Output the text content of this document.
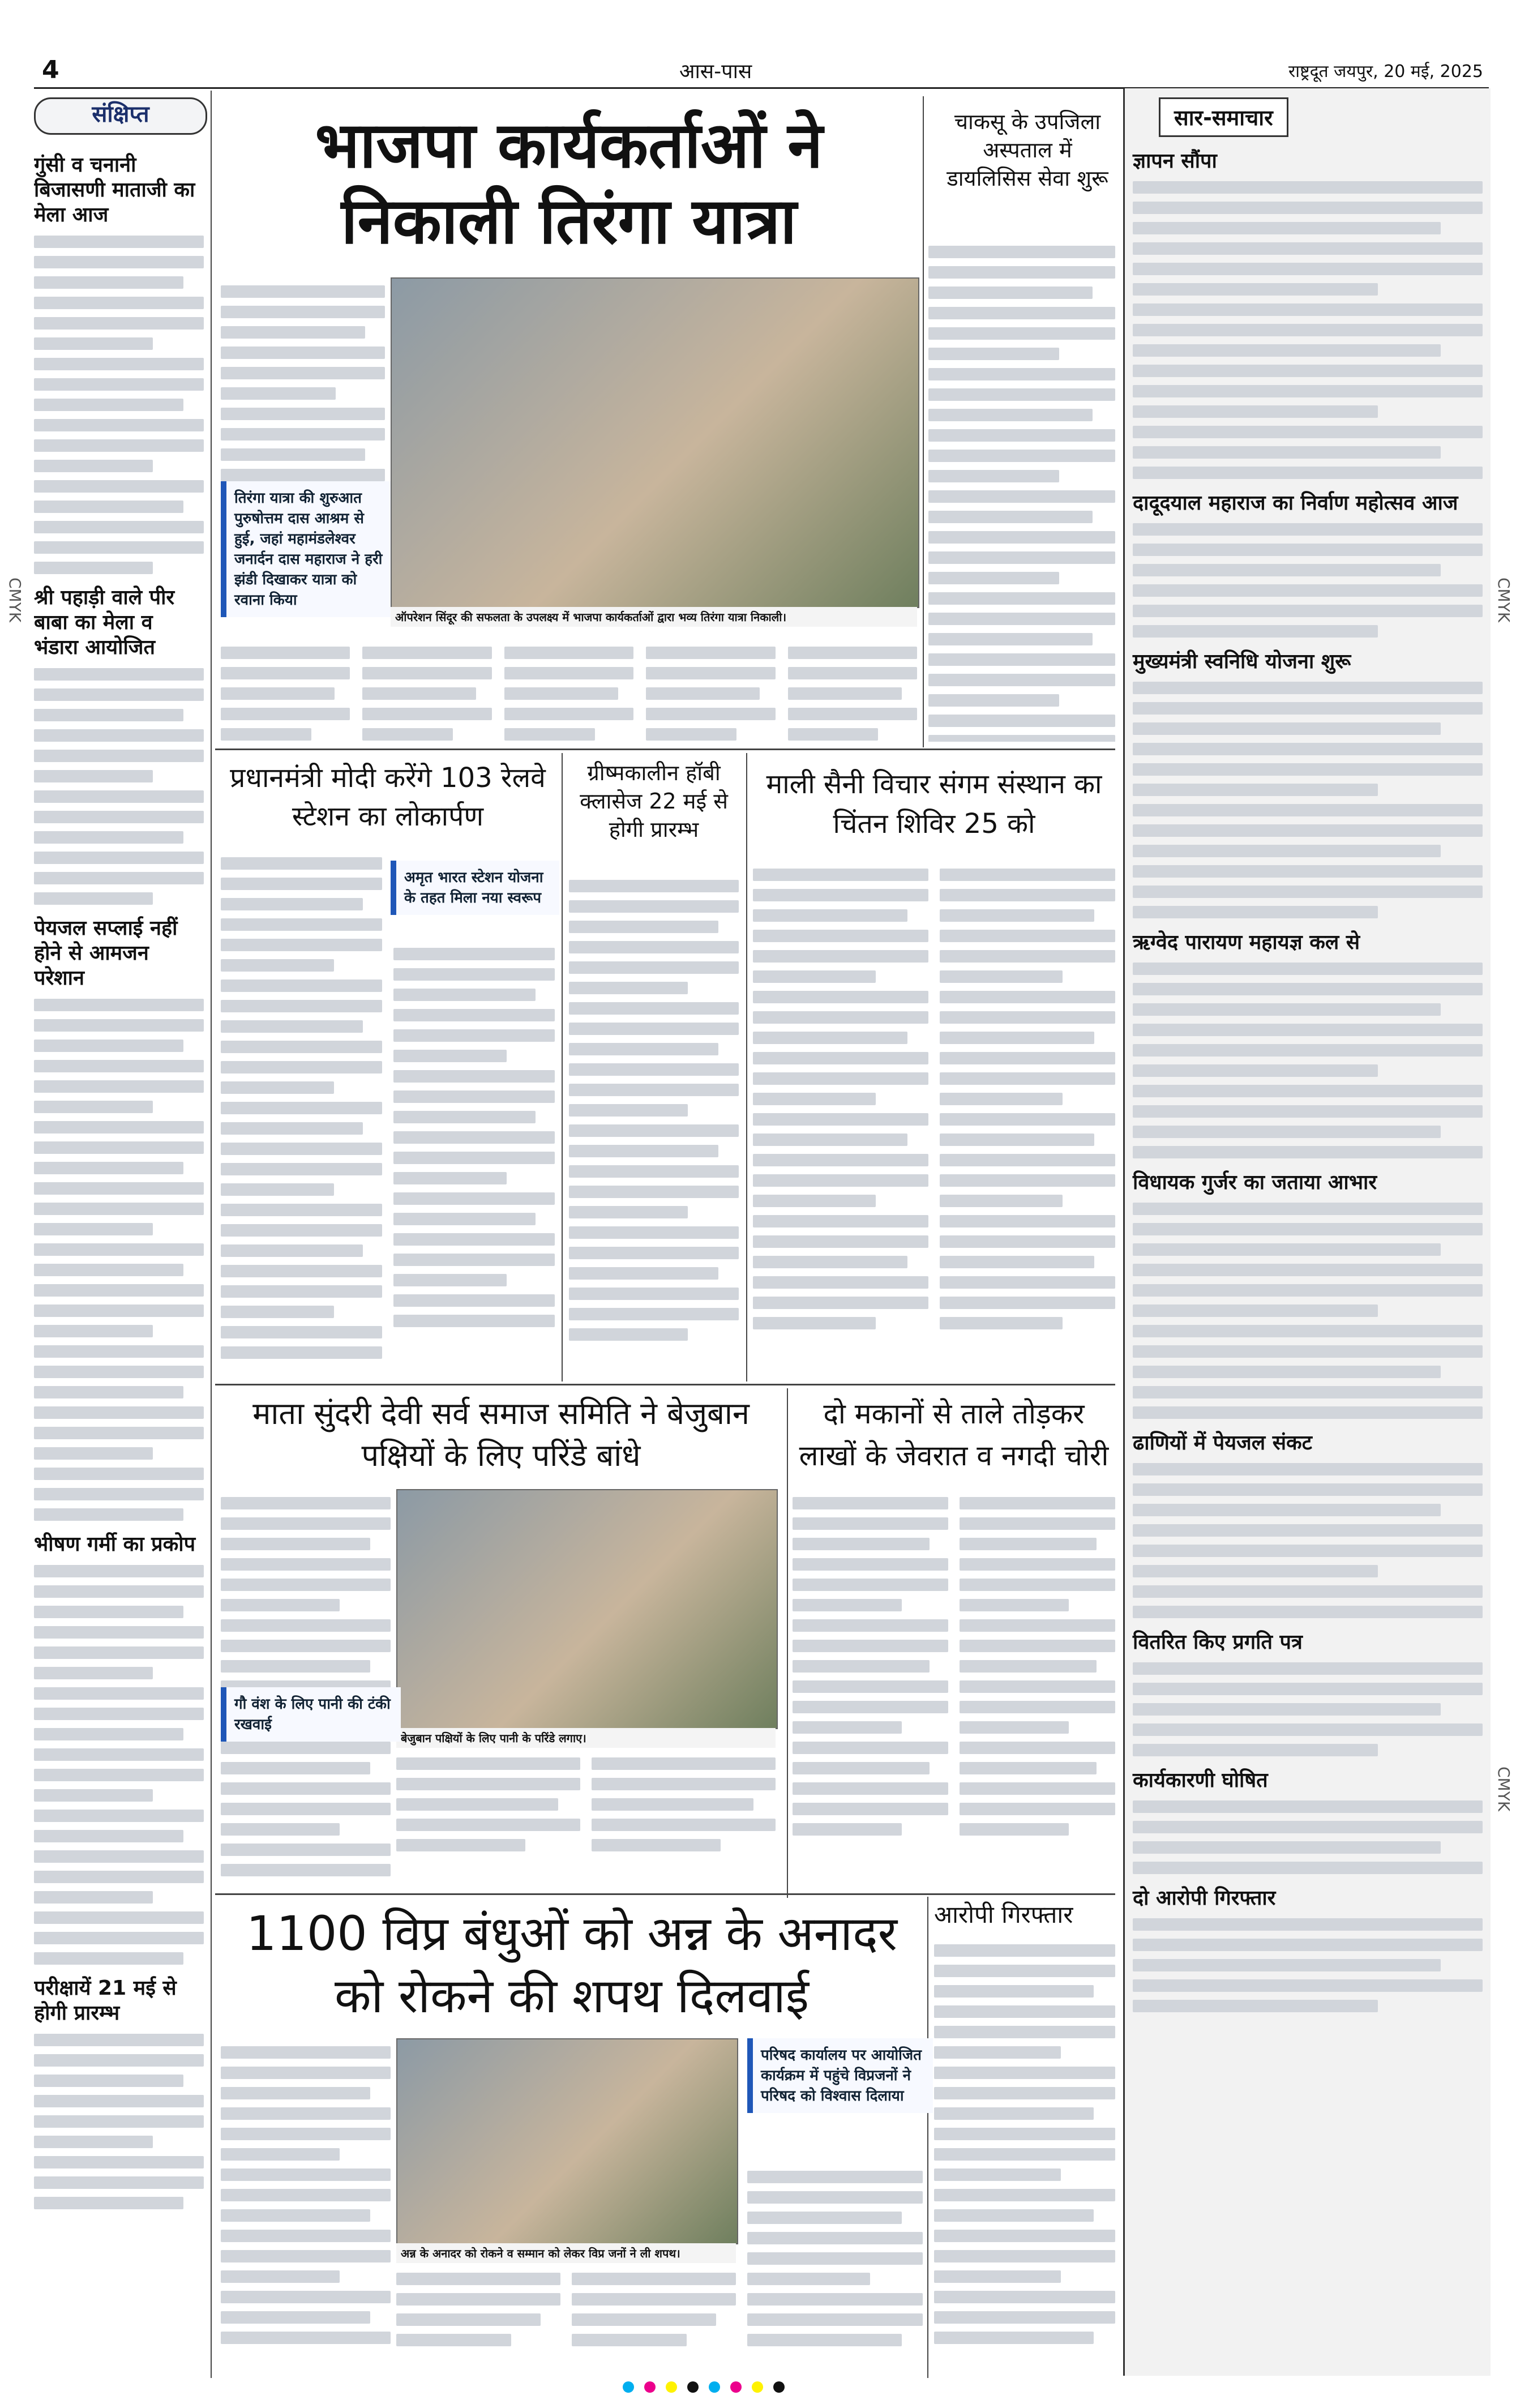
4	आस-पास	राष्ट्रदूत जयपुर, 20 मई, 2025
CMYK	CMYK
CMYK
संक्षिप्त
गुंसी व चनानी बिजासणी माताजी का मेला आज
श्री पहाड़ी वाले पीर बाबा का मेला व भंडारा आयोजित
पेयजल सप्लाई नहीं होने से आमजन परेशान
भीषण गर्मी का प्रकोप
परीक्षायें 21 मई से होगी प्रारम्भ
भाजपा कार्यकर्ताओं ने निकाली तिरंगा यात्रा
ऑपरेशन सिंदूर की सफलता के उपलक्ष्य में भाजपा कार्यकर्ताओं द्वारा भव्य तिरंगा यात्रा निकाली।
तिरंगा यात्रा की शुरुआत पुरुषोत्तम दास आश्रम से हुई, जहां महामंडलेश्वर जनार्दन दास महाराज ने हरी झंडी दिखाकर यात्रा को रवाना किया
चाकसू के उपजिला अस्पताल में डायलिसिस सेवा शुरू
प्रधानमंत्री मोदी करेंगे 103 रेलवे स्टेशन का लोकार्पण
अमृत भारत स्टेशन योजना के तहत मिला नया स्वरूप
ग्रीष्मकालीन हॉबी क्लासेज 22 मई से होगी प्रारम्भ
माली सैनी विचार संगम संस्थान का चिंतन शिविर 25 को
माता सुंदरी देवी सर्व समाज समिति ने बेजुबान पक्षियों के लिए परिंडे बांधे
बेजुबान पक्षियों के लिए पानी के परिंडे लगाए।
गौ वंश के लिए पानी की टंकी रखवाई
दो मकानों से ताले तोड़कर लाखों के जेवरात व नगदी चोरी
आरोपी गिरफ्तार
1100 विप्र बंधुओं को अन्न के अनादर को रोकने की शपथ दिलवाई
अन्न के अनादर को रोकने व सम्मान को लेकर विप्र जनों ने ली शपथ।
परिषद कार्यालय पर आयोजित कार्यक्रम में पहुंचे विप्रजनों ने परिषद को विश्वास दिलाया
सार-समाचार
ज्ञापन सौंपा
दादूदयाल महाराज का निर्वाण महोत्सव आज
मुख्यमंत्री स्वनिधि योजना शुरू
ऋग्वेद पारायण महायज्ञ कल से
विधायक गुर्जर का जताया आभार
ढाणियों में पेयजल संकट
वितरित किए प्रगति पत्र
कार्यकारणी घोषित
दो आरोपी गिरफ्तार
